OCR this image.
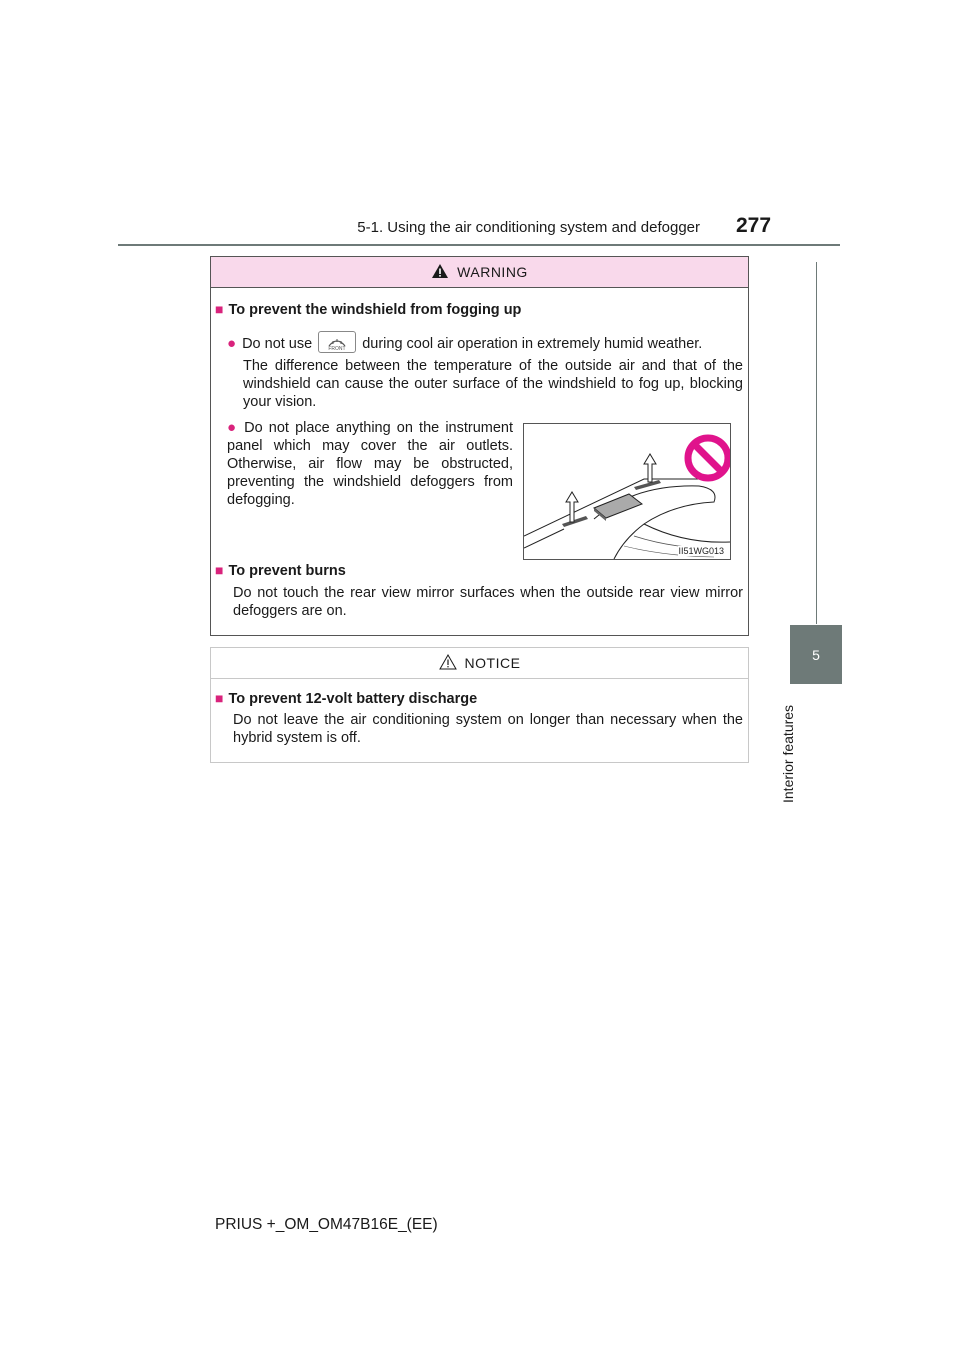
5-1. Using the air conditioning system and defogger 277
5
Interior features
WARNING
■ To prevent the windshield from fogging up
● Do not use	FRONT during cool air operation in extremely humid weather.
The difference between the temperature of the outside air and that of the windshield can cause the outer surface of the windshield to fog up, blocking your vision.
● Do not place anything on the instrument panel which may cover the air outlets. Otherwise, air flow may be obstructed, preventing the windshield defoggers from defogging.
II51WG013
■ To prevent burns
Do not touch the rear view mirror surfaces when the outside rear view mirror defoggers are on.
NOTICE
■ To prevent 12-volt battery discharge
Do not leave the air conditioning system on longer than necessary when the hybrid system is off.
PRIUS +_OM_OM47B16E_(EE)
